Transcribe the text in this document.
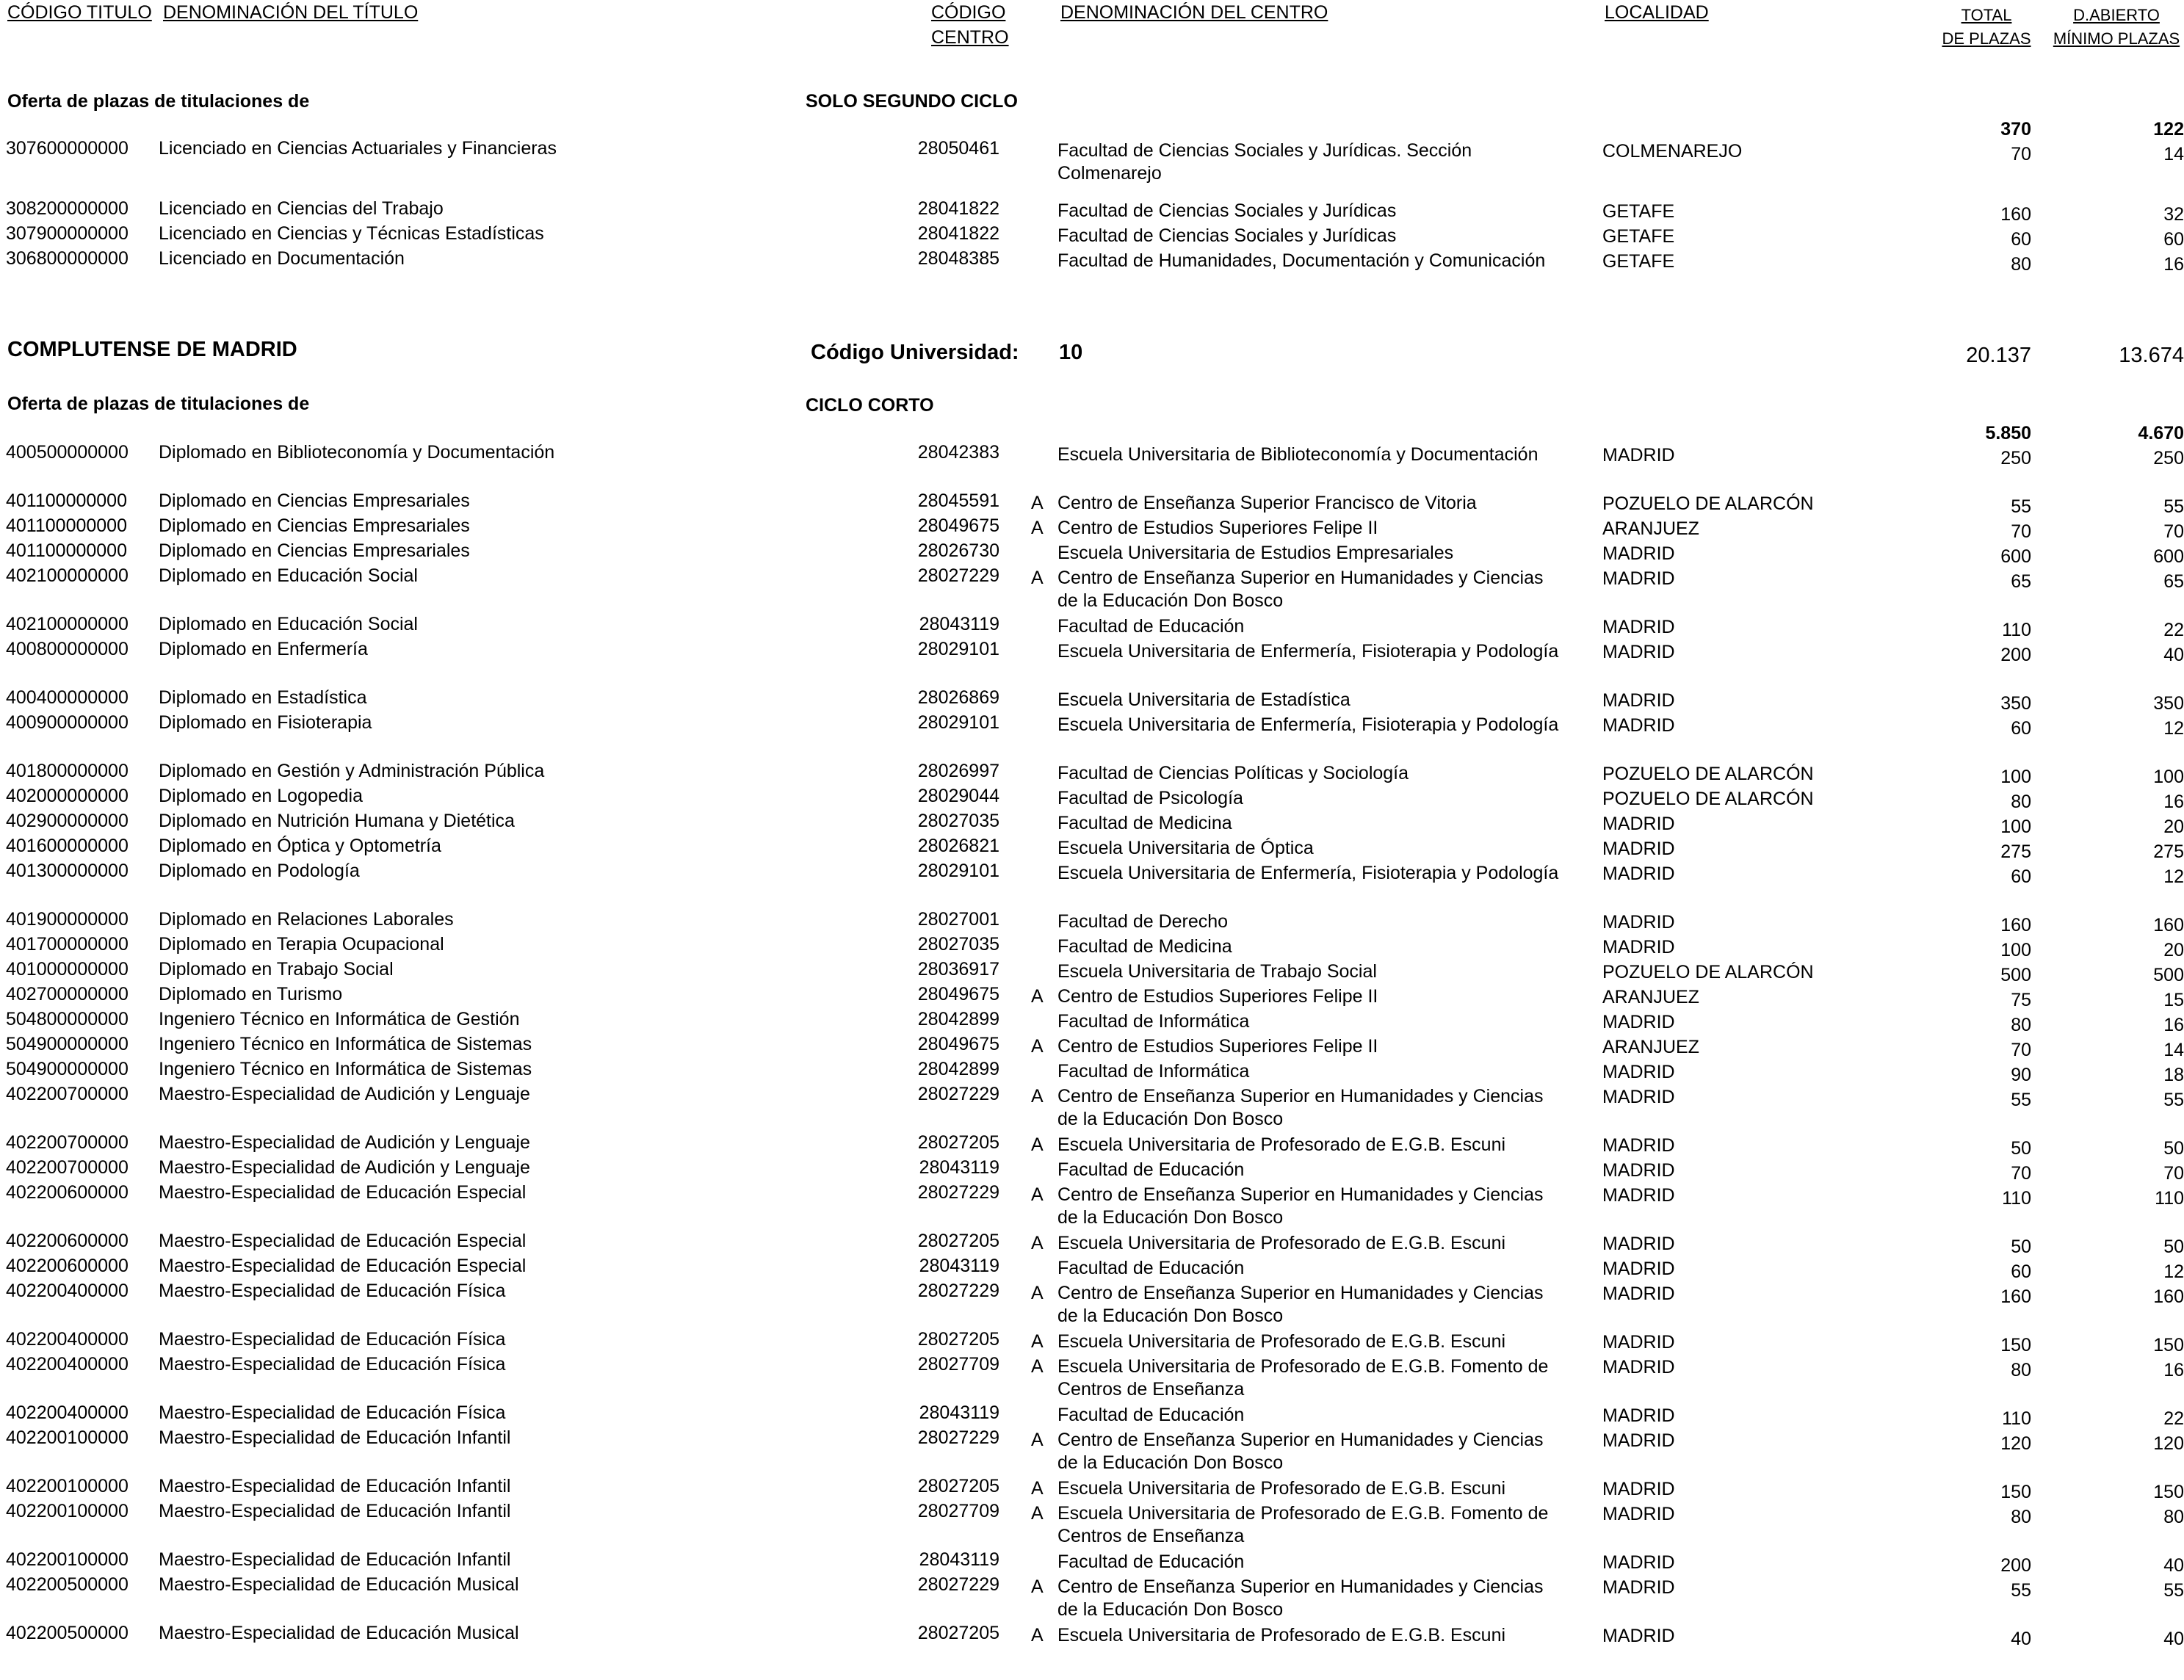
CÓDIGO TITULO DENOMINACIÓN DEL TÍTULO	CÓDIGO
CENTRO
DENOMINACIÓN DEL CENTRO	LOCALIDAD	TOTAL
DE PLAZAS
D.ABIERTO
MÍNIMO PLAZAS
Oferta de plazas de titulaciones de	SOLO SEGUNDO CICLO
370	122
307600000000 Licenciado en Ciencias Actuariales y Financieras	28050461	Facultad de Ciencias Sociales y Jurídicas. Sección
Colmenarejo
COLMENAREJO	70	14
308200000000 Licenciado en Ciencias del Trabajo	28041822	Facultad de Ciencias Sociales y Jurídicas	GETAFE	160	32
307900000000 Licenciado en Ciencias y Técnicas Estadísticas	28041822	Facultad de Ciencias Sociales y Jurídicas	GETAFE	60	60
306800000000 Licenciado en Documentación	28048385	Facultad de Humanidades, Documentación y Comunicación	GETAFE	80	16
COMPLUTENSE DE MADRID	Código Universidad: 10	20.137	13.674
Oferta de plazas de titulaciones de	CICLO CORTO
5.850	4.670
400500000000 Diplomado en Biblioteconomía y Documentación	28042383	Escuela Universitaria de Biblioteconomía y Documentación	MADRID	250	250
401100000000 Diplomado en Ciencias Empresariales	28045591 A Centro de Enseñanza Superior Francisco de Vitoria	POZUELO DE ALARCÓN	55	55
401100000000 Diplomado en Ciencias Empresariales	28049675 A Centro de Estudios Superiores Felipe II	ARANJUEZ	70	70
401100000000 Diplomado en Ciencias Empresariales	28026730	Escuela Universitaria de Estudios Empresariales	MADRID	600	600
402100000000 Diplomado en Educación Social	28027229 A Centro de Enseñanza Superior en Humanidades y Ciencias
de la Educación Don Bosco
MADRID	65	65
402100000000 Diplomado en Educación Social	28043119	Facultad de Educación	MADRID	110	22
400800000000 Diplomado en Enfermería	28029101	Escuela Universitaria de Enfermería, Fisioterapia y Podología MADRID	200	40
400400000000 Diplomado en Estadística	28026869	Escuela Universitaria de Estadística	MADRID	350	350
400900000000 Diplomado en Fisioterapia	28029101	Escuela Universitaria de Enfermería, Fisioterapia y Podología MADRID	60	12
401800000000 Diplomado en Gestión y Administración Pública	28026997	Facultad de Ciencias Políticas y Sociología	POZUELO DE ALARCÓN	100	100
402000000000 Diplomado en Logopedia	28029044	Facultad de Psicología	POZUELO DE ALARCÓN	80	16
402900000000 Diplomado en Nutrición Humana y Dietética	28027035	Facultad de Medicina	MADRID	100	20
401600000000 Diplomado en Óptica y Optometría	28026821	Escuela Universitaria de Óptica	MADRID	275	275
401300000000 Diplomado en Podología	28029101	Escuela Universitaria de Enfermería, Fisioterapia y Podología MADRID	60	12
401900000000 Diplomado en Relaciones Laborales	28027001	Facultad de Derecho	MADRID	160	160
401700000000 Diplomado en Terapia Ocupacional	28027035	Facultad de Medicina	MADRID	100	20
401000000000 Diplomado en Trabajo Social	28036917	Escuela Universitaria de Trabajo Social	POZUELO DE ALARCÓN	500	500
402700000000 Diplomado en Turismo	28049675 A Centro de Estudios Superiores Felipe II	ARANJUEZ	75	15
504800000000 Ingeniero Técnico en Informática de Gestión	28042899	Facultad de Informática	MADRID	80	16
504900000000 Ingeniero Técnico en Informática de Sistemas	28049675 A Centro de Estudios Superiores Felipe II	ARANJUEZ	70	14
504900000000 Ingeniero Técnico en Informática de Sistemas	28042899	Facultad de Informática	MADRID	90	18
402200700000 Maestro-Especialidad de Audición y Lenguaje	28027229 A Centro de Enseñanza Superior en Humanidades y Ciencias
de la Educación Don Bosco
MADRID	55	55
402200700000 Maestro-Especialidad de Audición y Lenguaje	28027205 A Escuela Universitaria de Profesorado de E.G.B. Escuni	MADRID	50	50
402200700000 Maestro-Especialidad de Audición y Lenguaje	28043119	Facultad de Educación	MADRID	70	70
402200600000 Maestro-Especialidad de Educación Especial	28027229 A Centro de Enseñanza Superior en Humanidades y Ciencias
de la Educación Don Bosco
MADRID	110	110
402200600000 Maestro-Especialidad de Educación Especial	28027205 A Escuela Universitaria de Profesorado de E.G.B. Escuni	MADRID	50	50
402200600000 Maestro-Especialidad de Educación Especial	28043119	Facultad de Educación	MADRID	60	12
402200400000 Maestro-Especialidad de Educación Física	28027229 A Centro de Enseñanza Superior en Humanidades y Ciencias
de la Educación Don Bosco
MADRID	160	160
402200400000 Maestro-Especialidad de Educación Física	28027205 A Escuela Universitaria de Profesorado de E.G.B. Escuni	MADRID	150	150
402200400000 Maestro-Especialidad de Educación Física	28027709 A Escuela Universitaria de Profesorado de E.G.B. Fomento de
Centros de Enseñanza
MADRID	80	16
402200400000 Maestro-Especialidad de Educación Física	28043119	Facultad de Educación	MADRID	110	22
402200100000 Maestro-Especialidad de Educación Infantil	28027229 A Centro de Enseñanza Superior en Humanidades y Ciencias
de la Educación Don Bosco
MADRID	120	120
402200100000 Maestro-Especialidad de Educación Infantil	28027205 A Escuela Universitaria de Profesorado de E.G.B. Escuni	MADRID	150	150
402200100000 Maestro-Especialidad de Educación Infantil	28027709 A Escuela Universitaria de Profesorado de E.G.B. Fomento de
Centros de Enseñanza
MADRID	80	80
402200100000 Maestro-Especialidad de Educación Infantil	28043119	Facultad de Educación	MADRID	200	40
402200500000 Maestro-Especialidad de Educación Musical	28027229 A Centro de Enseñanza Superior en Humanidades y Ciencias
de la Educación Don Bosco
MADRID	55	55
402200500000 Maestro-Especialidad de Educación Musical	28027205 A Escuela Universitaria de Profesorado de E.G.B. Escuni	MADRID	40	40
